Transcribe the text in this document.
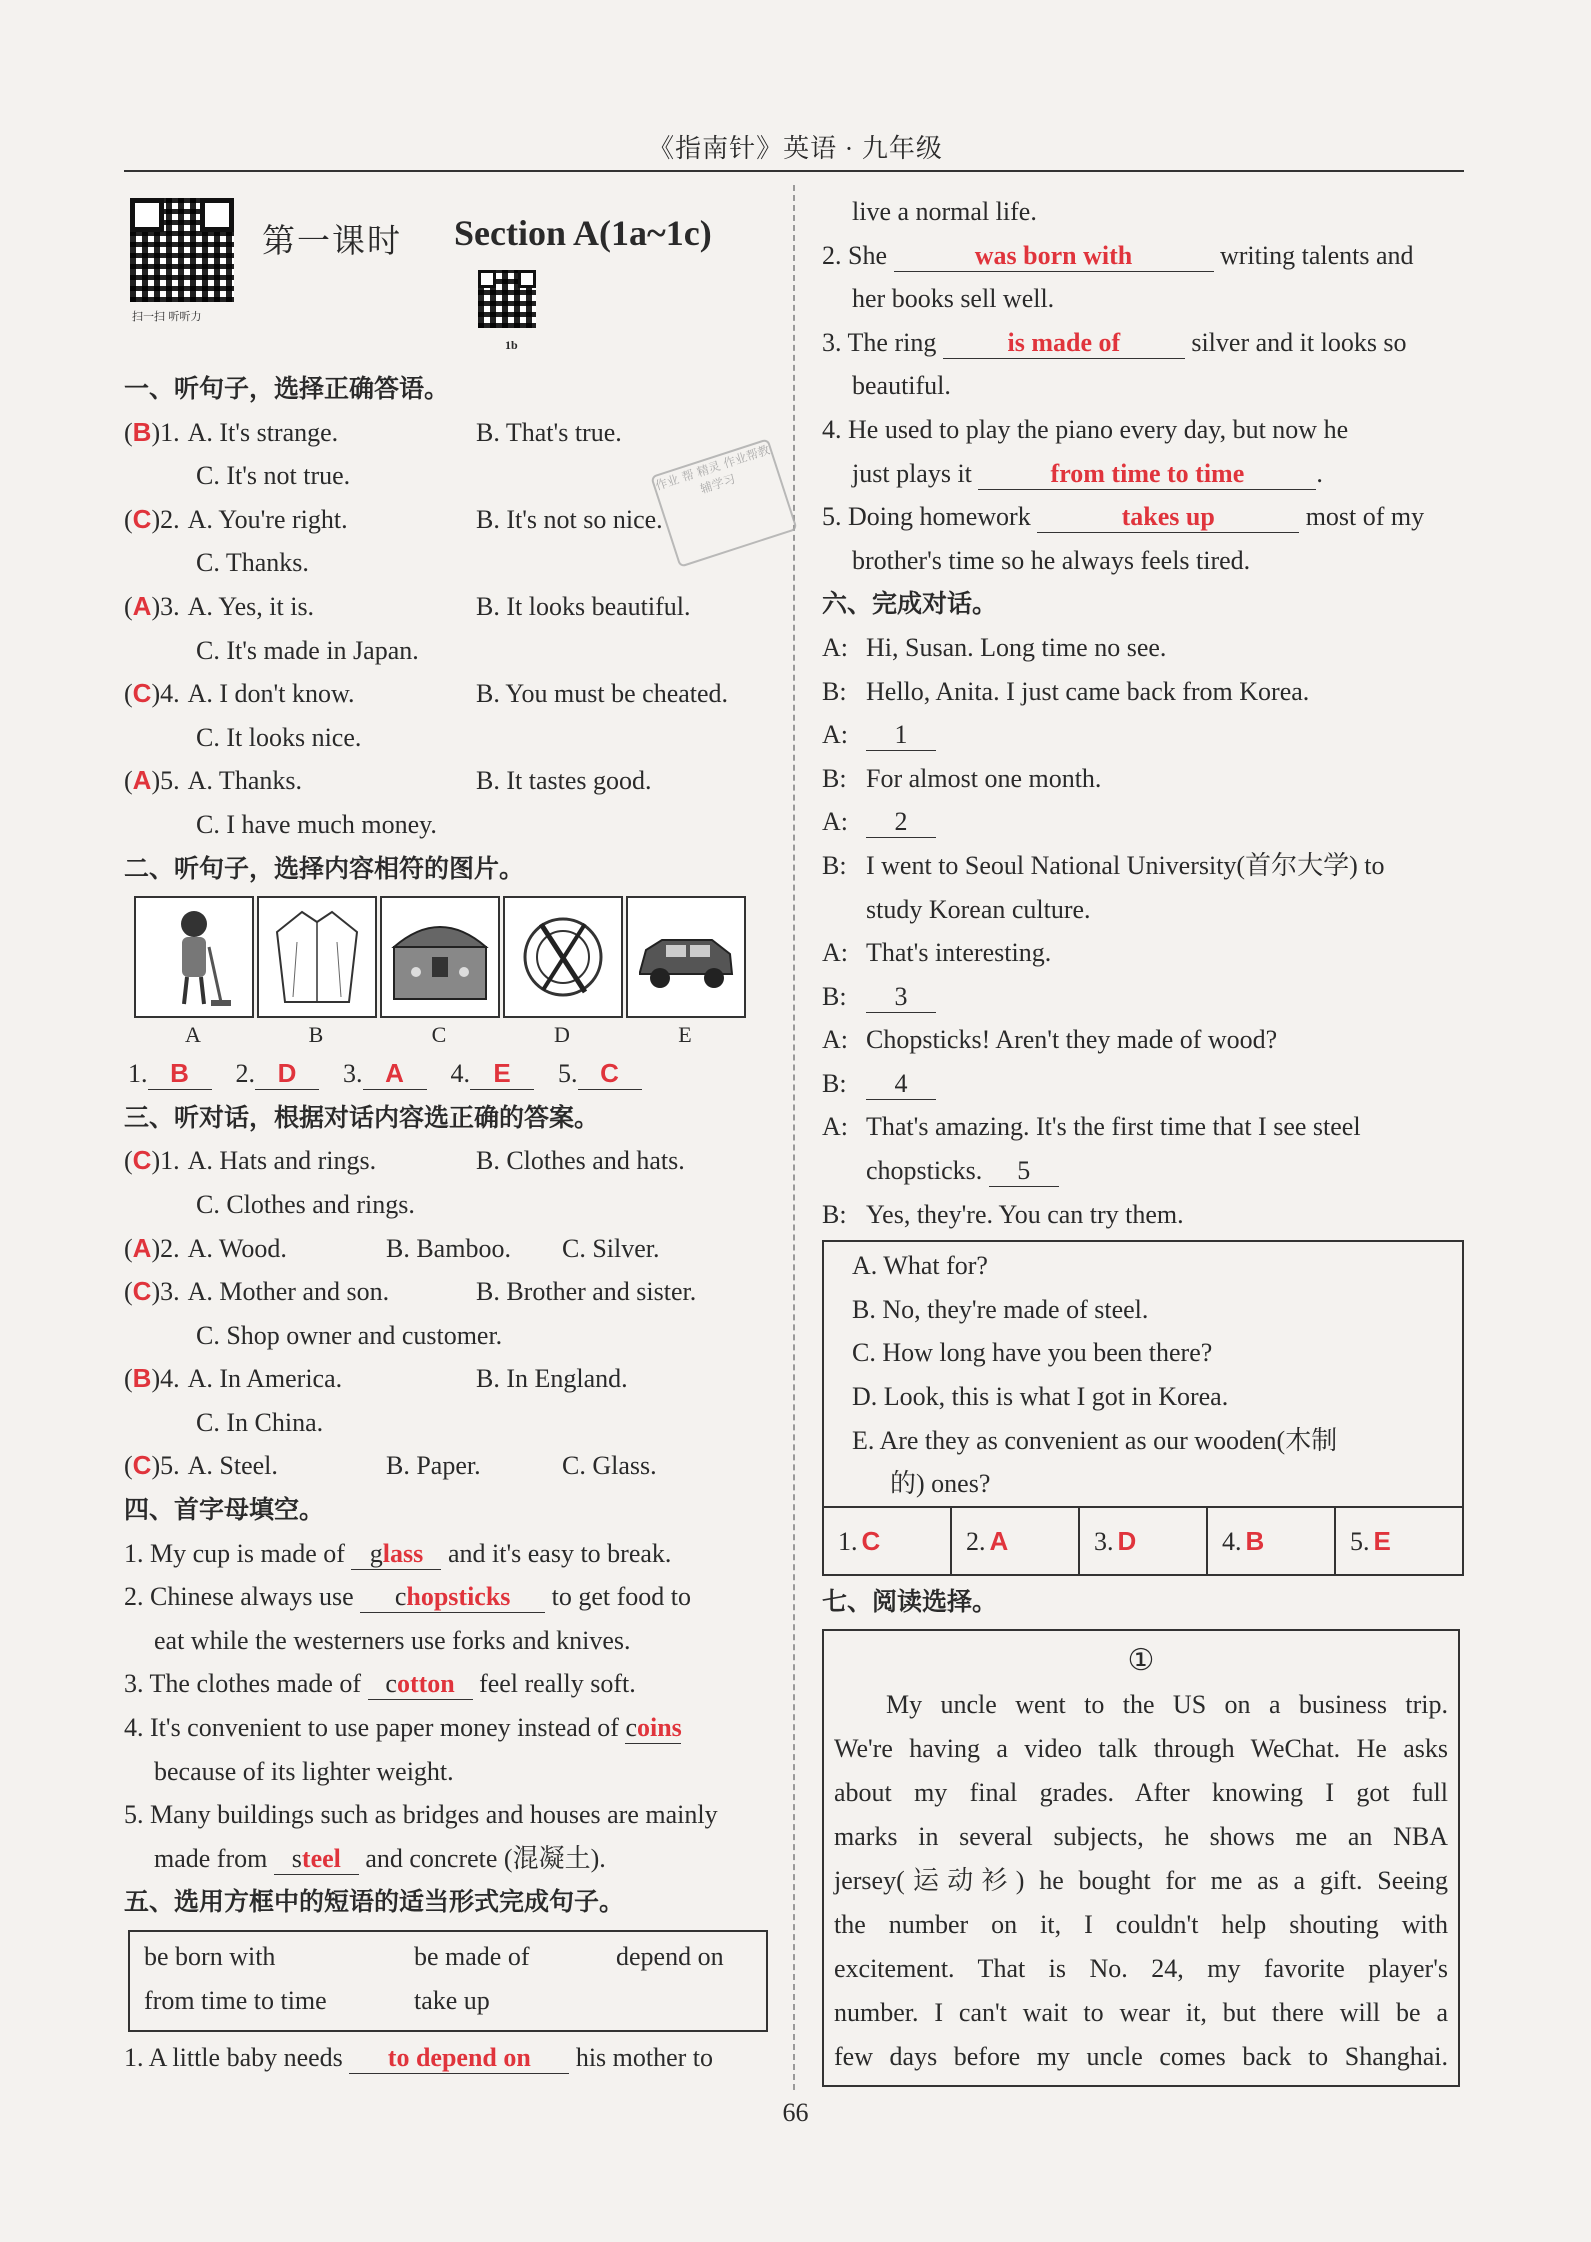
《指南针》英语 · 九年级
作业 帮 精灵 作业帮教辅学习
扫一扫 听听力
第一课时 Section A(1a~1c)
1b
一、听句子，选择正确答语。
(B)1. A. It's strange.	B. That's true.
C. It's not true.
(C)2. A. You're right.	B. It's not so nice.
C. Thanks.
(A)3. A. Yes, it is.	B. It looks beautiful.
C. It's made in Japan.
(C)4. A. I don't know.	B. You must be cheated.
C. It looks nice.
(A)5. A. Thanks.	B. It tastes good.
C. I have much money.
二、听句子，选择内容相符的图片。
A	B	C	D	E
1. B 2. D 3. A 4. E 5. C
三、听对话，根据对话内容选正确的答案。
(C)1. A. Hats and rings.	B. Clothes and hats.
C. Clothes and rings.
(A)2. A. Wood.	B. Bamboo. C. Silver.
(C)3. A. Mother and son.	B. Brother and sister.
C. Shop owner and customer.
(B)4. A. In America.	B. In England.
C. In China.
(C)5. A. Steel.	B. Paper.	C. Glass.
四、首字母填空。
1. My cup is made of glass and it's easy to break.
2. Chinese always use chopsticks to get food to
eat while the westerners use forks and knives.
3. The clothes made of cotton feel really soft.
4. It's convenient to use paper money instead of coins
because of its lighter weight.
5. Many buildings such as bridges and houses are mainly
made from steel and concrete (混凝土).
五、选用方框中的短语的适当形式完成句子。
be born with	be made of	depend on
from time to time	take up
1. A little baby needs to depend on his mother to
live a normal life.
2. She	was born with	writing talents and
her books sell well.
3. The ring is made of silver and it looks so
beautiful.
4. He used to play the piano every day, but now he
just plays it	from time to time	.
5. Doing homework	takes up	most of my
brother's time so he always feels tired.
六、完成对话。
A: Hi, Susan. Long time no see.
B: Hello, Anita. I just came back from Korea.
A: 1
B: For almost one month.
A: 2
B: I went to Seoul National University(首尔大学) to
study Korean culture.
A: That's interesting.
B: 3
A: Chopsticks! Aren't they made of wood?
B: 4
A: That's amazing. It's the first time that I see steel
chopsticks. 5
B: Yes, they're. You can try them.
A. What for?
B. No, they're made of steel.
C. How long have you been there?
D. Look, this is what I got in Korea.
E. Are they as convenient as our wooden(木制
的) ones?
1. C	2. A	3. D	4. B	5. E
七、阅读选择。
①
My uncle went to the US on a business trip.
We're having a video talk through WeChat. He asks
about my final grades. After knowing I got full
marks in several subjects, he shows me an NBA
jersey(运动衫) he bought for me as a gift. Seeing
the number on it, I couldn't help shouting with
excitement. That is No. 24, my favorite player's
number. I can't wait to wear it, but there will be a
few days before my uncle comes back to Shanghai.
66
